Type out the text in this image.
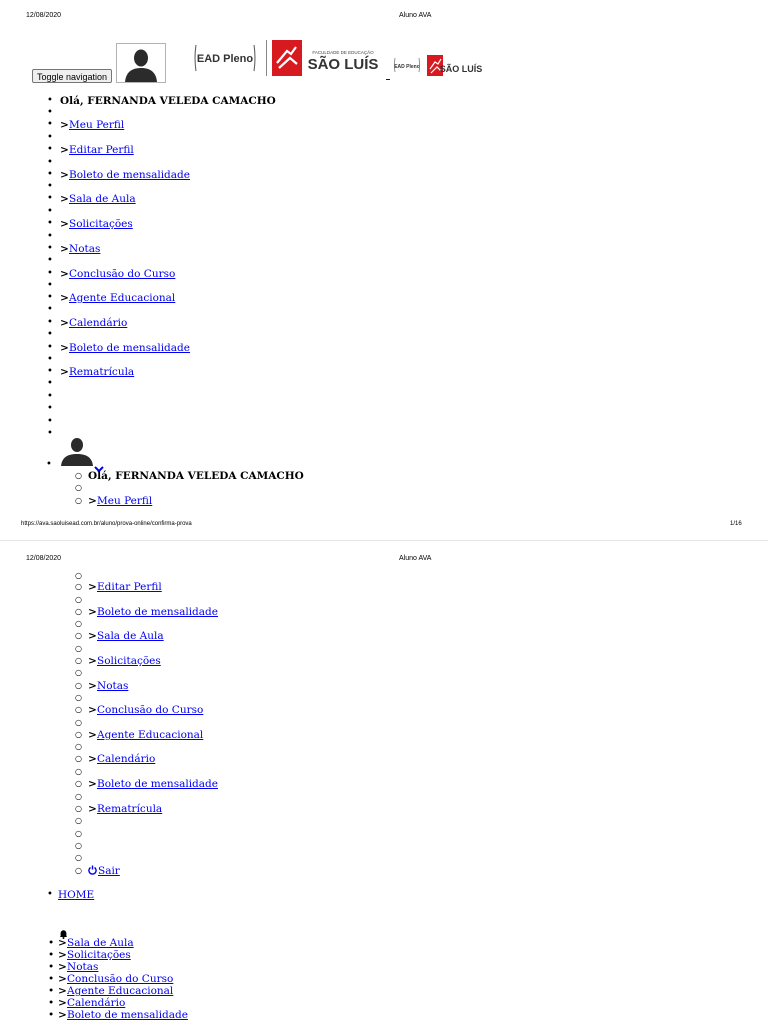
12/08/2020	Aluno AVA
Toggle navigation
EAD Pleno
FACULDADE DE EDUCAÇÃO
SÃO LUÍS	EAD Pleno SÃO LUÍS
• Olá, FERNANDA VELEDA CAMACHO
•
• >Meu Perfil
•
• >Editar Perfil
•
• >Boleto de mensalidade
•
• >Sala de Aula
•
• >Solicitações
•
• >Notas
•
• >Conclusão do Curso
•
• >Agente Educacional
•
• >Calendário
•
• >Boleto de mensalidade
•
• >Rematrícula
•
•
•
•
•
•
○ Olá, FERNANDA VELEDA CAMACHO
○
○ >Meu Perfil
https://ava.saoluisead.com.br/aluno/prova-online/confirma-prova	1/16
12/08/2020	Aluno AVA
○
○ >Editar Perfil
○
○ >Boleto de mensalidade
○
○ >Sala de Aula
○
○ >Solicitações
○
○ >Notas
○
○ >Conclusão do Curso
○
○ >Agente Educacional
○
○ >Calendário
○
○ >Boleto de mensalidade
○
○ >Rematrícula
○
○
○
○
○ Sair
• HOME
• >Sala de Aula
• >Solicitações
• >Notas
• >Conclusão do Curso
• >Agente Educacional
• >Calendário
• >Boleto de mensalidade
